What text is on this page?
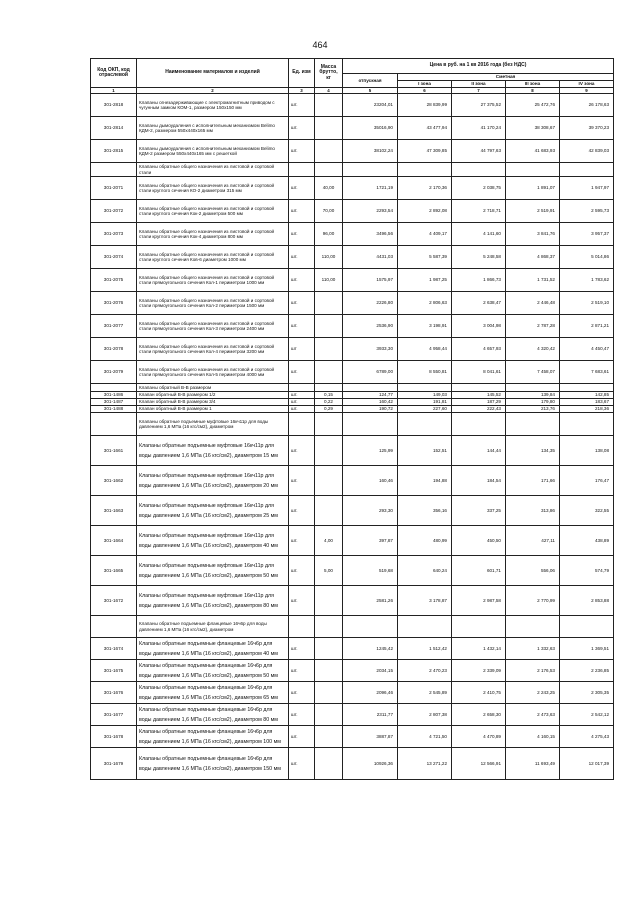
464
Код ОКП, код отраслевой	Наименование материалов и изделий	Ед. изм	Масса брутто, кг	Цена в руб. на 1 кв 2016 года (без НДС)				
				отпускная	Сметная			
					I зона	II зона	III зона	IV зона
1	2	3	4	5	6	7	8	9
301-2818	Клапаны огнезадерживающие с электромагнитным приводом с чугунным замком КОМ-1, размером 150х150 мм	шт.		23204,01	28 839,99	27 375,52	25 472,76	26 178,63
301-2814	Клапаны дымоудаления с исполнительным механизмом Belimo КДМ-2, размером 550х440х165 мм	шт.		35016,90	43 477,94	41 170,24	38 308,67	39 370,23
301-2815	Клапаны дымоудаления с исполнительным механизмом Belimo КДМ-2 размером 550х440х165 мм с решеткой	шт.		38102,24	47 309,85	44 797,63	41 683,93	42 839,03
	Клапаны обратные общего назначения из листовой и сортовой стали							
301-2071	Клапаны обратные общего назначения из листовой и сортовой стали круглого сечения КО-2 диаметром 315 мм	шт.	40,00	1721,19	2 170,36	2 038,75	1 891,07	1 947,97
301-2072	Клапаны обратные общего назначения из листовой и сортовой стали круглого сечения Кок-2 диаметром 500 мм	шт.	70,00	2293,54	2 892,08	2 718,71	2 519,91	2 595,73
301-2073	Клапаны обратные общего назначения из листовой и сортовой стали круглого сечения Кок-4 диаметром 800 мм	шт.	96,00	3496,56	4 409,17	4 141,60	3 841,76	3 957,37
301-2074	Клапаны обратные общего назначения из листовой и сортовой стали круглого сечения Ков-6 диаметром 1000 мм	шт.	110,00	4431,03	5 587,39	5 248,58	4 868,37	5 014,86
301-2075	Клапаны обратные общего назначения из листовой и сортовой стали прямоугольного сечения Кол-1 периметром 1000 мм	шт.	110,00	1575,97	1 987,25	1 866,73	1 731,52	1 783,62
301-2076	Клапаны обратные общего назначения из листовой и сортовой стали прямоугольного сечения Кол-2 периметром 1500 мм	шт.		2226,80	2 806,63	2 638,47	2 446,48	2 519,10
301-2077	Клапаны обратные общего назначения из листовой и сортовой стали прямоугольного сечения Кол-3 периметром 2400 мм	шт.		2536,90	3 198,91	3 004,98	2 787,28	2 871,21
301-2078	Клапаны обратные общего назначения из листовой и сортовой стали прямоугольного сечения Кол-4 периметром 3200 мм	шт		3933,30	4 958,44	4 657,93	4 320,42	4 450,47
301-2079	Клапаны обратные общего назначения из листовой и сортовой стали прямоугольного сечения Кол-5 периметром 4000 мм	шт.		6789,00	8 550,81	8 041,61	7 458,07	7 683,61
	Клапаны обратный В-В размером							
301-1486	Клапан обратный В-В размером 1/2	шт.	0,15	124,77	149,03	145,52	139,84	142,85
301-1487	Клапан обратный В-В размером 3/4	шт.	0,22	160,42	191,81	187,29	179,80	183,67
301-1488	Клапан обратный В-В размером 1	шт.	0,29	190,72	227,60	222,43	213,76	218,36
	Клапаны обратные подъемные муфтовые 16кч11р для воды давлением 1,6 МПа (16 кгс/см2), диаметром							
301-1661	Клапаны обратные подъемные муфтовые 16кч11р для воды давлением 1,6 МПа (16 кгс/см2), диаметром 15 мм	шт.		125,99	152,51	144,44	134,35	138,08
301-1662	Клапаны обратные подъемные муфтовые 16кч11р для воды давлением 1,6 МПа (16 кгс/см2), диаметром 20 мм	шт.		160,46	194,88	184,54	171,66	176,47
301-1663	Клапаны обратные подъемные муфтовые 16кч11р для воды давлением 1,6 МПа (16 кгс/см2), диаметром 25 мм	шт.		293,30	356,16	337,25	313,86	322,55
301-1664	Клапаны обратные подъемные муфтовые 16кч11р для воды давлением 1,6 МПа (16 кгс/см2), диаметром 40 мм	шт.	4,00	397,87	480,99	450,50	427,11	438,89
301-1665	Клапаны обратные подъемные муфтовые 16кч11р для воды давлением 1,6 МПа (16 кгс/см2), диаметром 50 мм	шт.	5,00	519,68	640,24	601,71	556,06	574,79
301-1672	Клапаны обратные подъемные муфтовые 16кч11р для воды давлением 1,6 МПа (16 кгс/см2), диаметром 80 мм	шт.		2581,26	3 178,87	2 987,58	2 770,99	2 853,88
	Клапаны обратные подъемные фланцевые 16ч6р для воды давлением 1,6 МПа (16 кгс/см2), диаметром							
301-1674	Клапаны обратные подъемные фланцевые 16ч6р для воды давлением 1,6 МПа (16 кгс/см2), диаметром 40 мм	шт.		1245,42	1 512,42	1 432,14	1 332,63	1 369,51
301-1675	Клапаны обратные подъемные фланцевые 16ч6р для воды давлением 1,6 МПа (16 кгс/см2), диаметром 50 мм	шт.		2034,15	2 470,23	2 339,09	2 176,53	2 236,85
301-1676	Клапаны обратные подъемные фланцевые 16ч6р для воды давлением 1,6 МПа (16 кгс/см2), диаметром 65 мм	шт.		2096,46	2 545,89	2 410,75	2 243,25	2 305,35
301-1677	Клапаны обратные подъемные фланцевые 16ч6р для воды давлением 1,6 МПа (16 кгс/см2), диаметром 80 мм	шт.		2311,77	2 807,38	2 658,30	2 473,63	2 542,12
301-1678	Клапаны обратные подъемные фланцевые 16ч6р для воды давлением 1,6 МПа (16 кгс/см2), диаметром 100 мм	шт.		3887,87	4 721,50	4 470,89	4 160,15	4 275,43
301-1679	Клапаны обратные подъемные фланцевые 16ч6р для воды давлением 1,6 МПа (16 кгс/см2), диаметром 150 мм	шт.		10926,36	13 271,22	12 566,91	11 693,49	12 017,39
